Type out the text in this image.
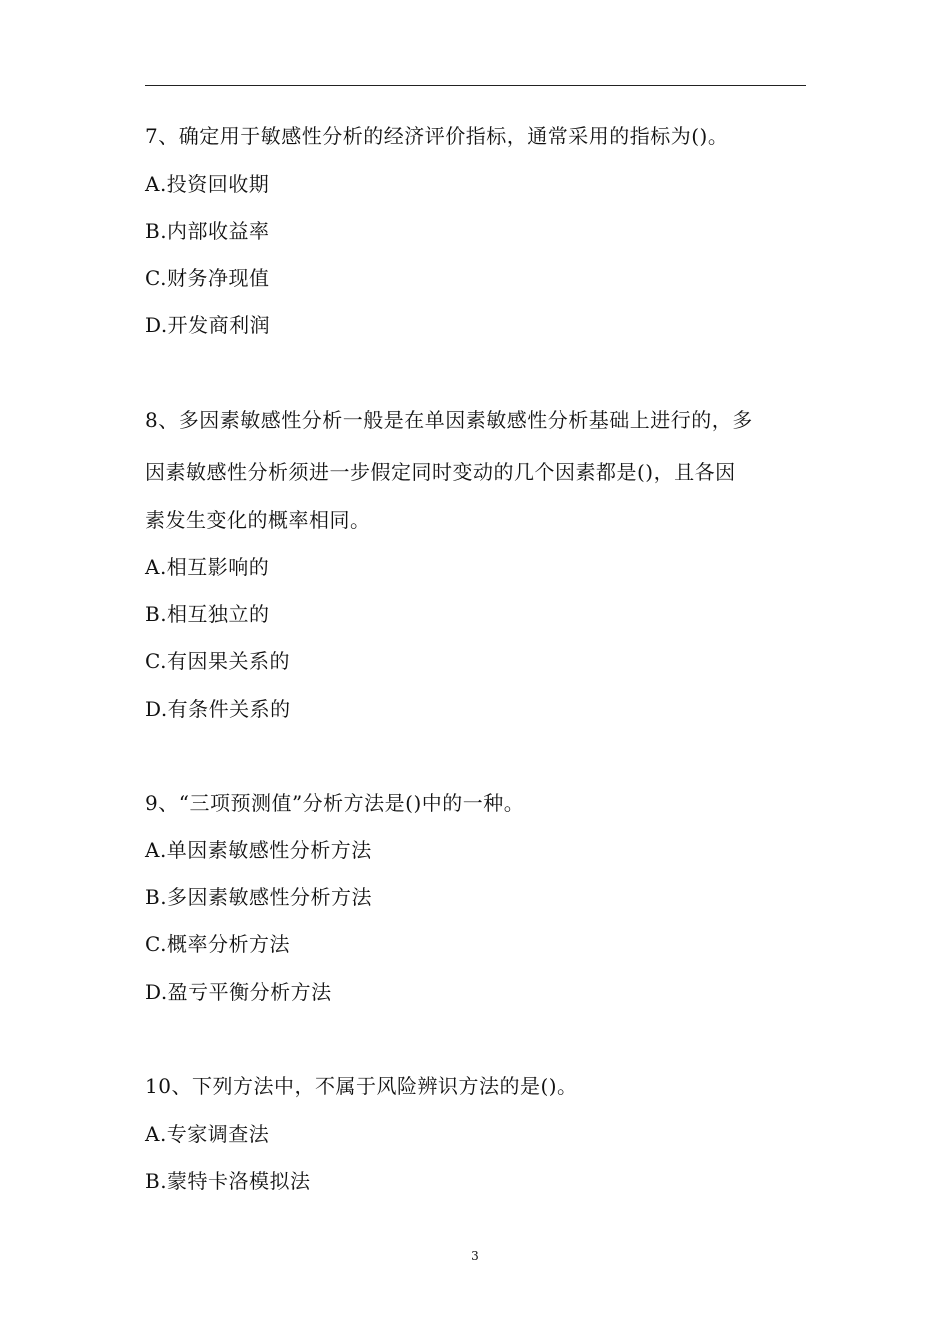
7、确定用于敏感性分析的经济评价指标，通常采用的指标为()。
A.投资回收期
B.内部收益率
C.财务净现值
D.开发商利润
8、多因素敏感性分析一般是在单因素敏感性分析基础上进行的，多
因素敏感性分析须进一步假定同时变动的几个因素都是()，且各因
素发生变化的概率相同。
A.相互影响的
B.相互独立的
C.有因果关系的
D.有条件关系的
9、“三项预测值”分析方法是()中的一种。
A.单因素敏感性分析方法
B.多因素敏感性分析方法
C.概率分析方法
D.盈亏平衡分析方法
10、下列方法中，不属于风险辨识方法的是()。
A.专家调查法
B.蒙特卡洛模拟法
3
